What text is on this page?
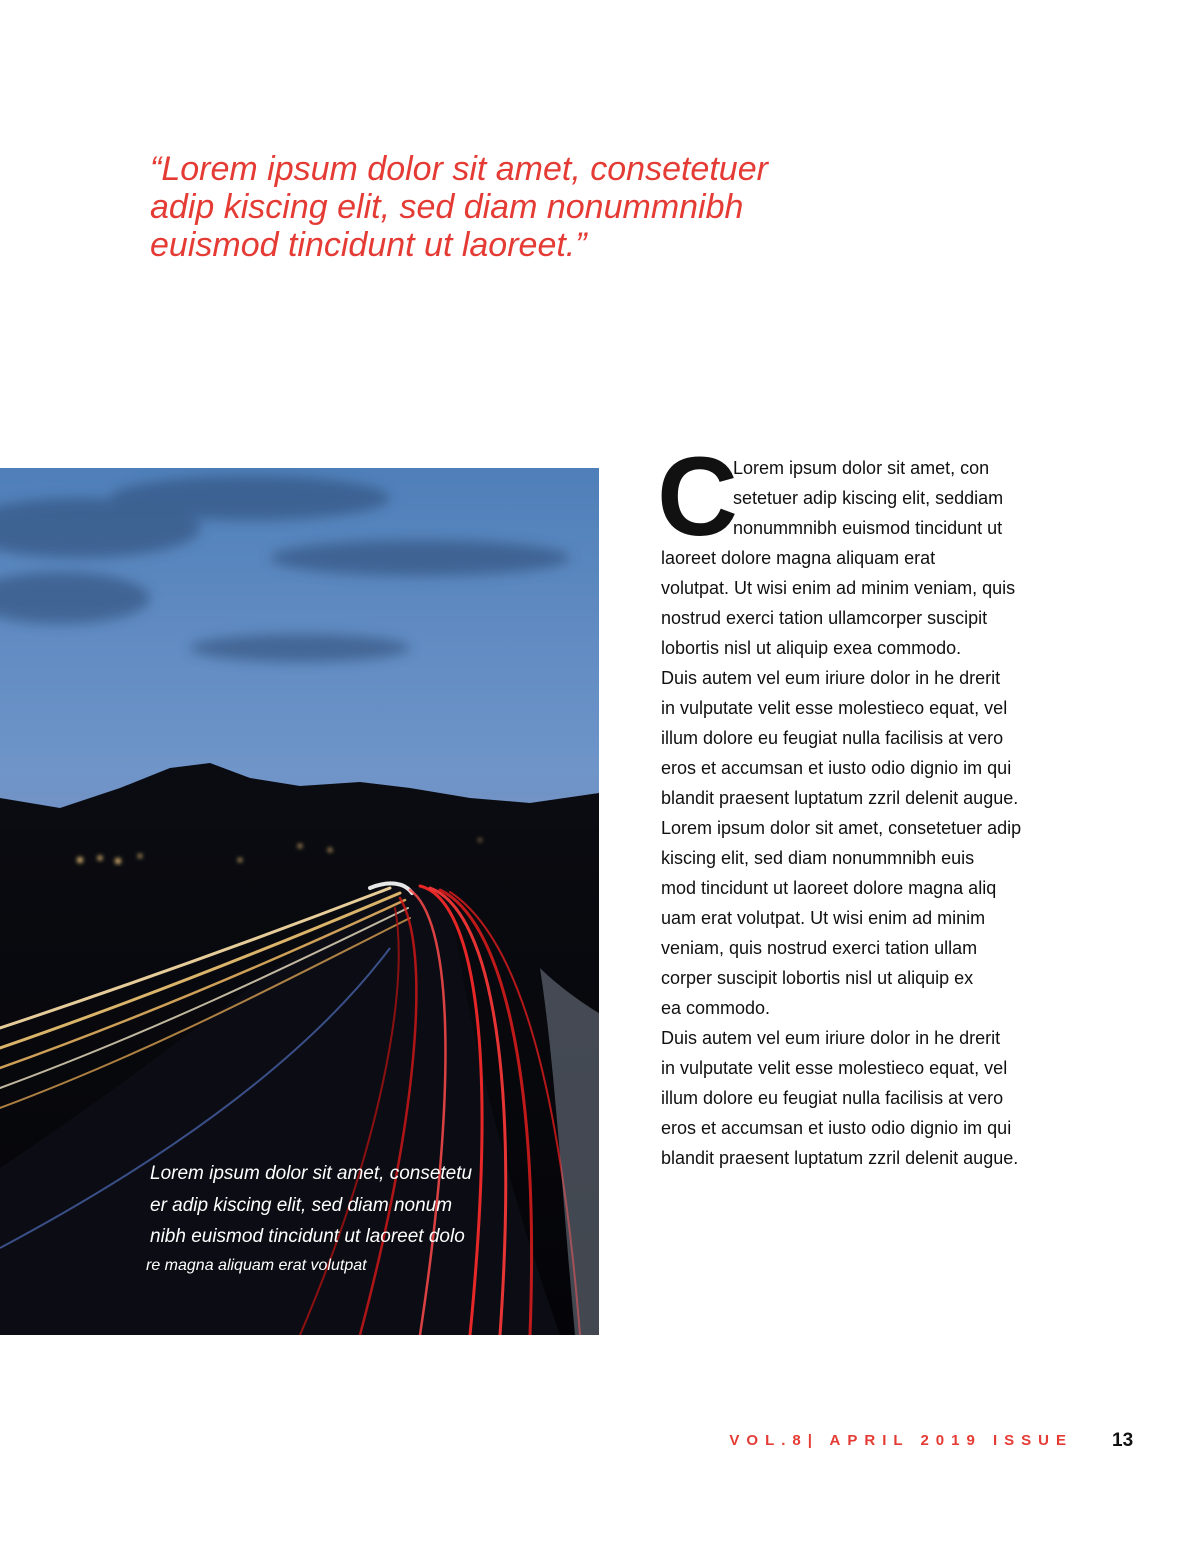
“Lorem ipsum dolor sit amet, consetetuer
adip kiscing elit, sed diam nonummnibh
euismod tincidunt ut laoreet.”
Lorem ipsum dolor sit amet, consetetu
er adip kiscing elit, sed diam nonum
nibh euismod tincidunt ut laoreet dolo
re magna aliquam erat volutpat
C
Lorem ipsum dolor sit amet, con
setetuer adip kiscing elit, seddiam
nonummnibh euismod tincidunt ut
laoreet dolore magna aliquam erat
volutpat. Ut wisi enim ad minim veniam, quis
nostrud exerci tation ullamcorper suscipit
lobortis nisl ut aliquip exea commodo.
Duis autem vel eum iriure dolor in he drerit
in vulputate velit esse molestieco equat, vel
illum dolore eu feugiat nulla facilisis at vero
eros et accumsan et iusto odio dignio im qui
blandit praesent luptatum zzril delenit augue.
Lorem ipsum dolor sit amet, consetetuer adip
kiscing elit, sed diam nonummnibh euis
mod tincidunt ut laoreet dolore magna aliq
uam erat volutpat. Ut wisi enim ad minim
veniam, quis nostrud exerci tation ullam
corper suscipit lobortis nisl ut aliquip ex
ea commodo.
Duis autem vel eum iriure dolor in he drerit
in vulputate velit esse molestieco equat, vel
illum dolore eu feugiat nulla facilisis at vero
eros et accumsan et iusto odio dignio im qui
blandit praesent luptatum zzril delenit augue.
VOL.8| APRIL 2019 ISSUE 13
